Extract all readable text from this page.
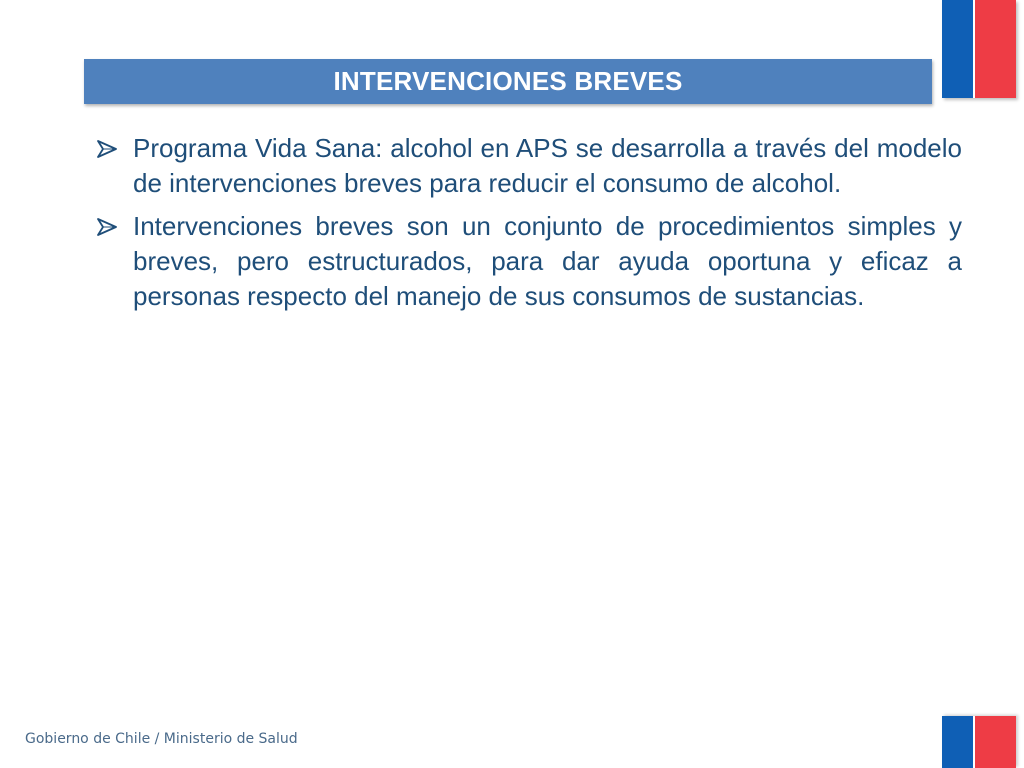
INTERVENCIONES BREVES
Programa Vida Sana: alcohol en APS se desarrolla a través del modelo de intervenciones breves para reducir el consumo de alcohol.
Intervenciones breves son un conjunto de procedimientos simples y breves, pero estructurados, para dar ayuda oportuna y eficaz a personas respecto del manejo de sus consumos de sustancias.
Gobierno de Chile / Ministerio de Salud
